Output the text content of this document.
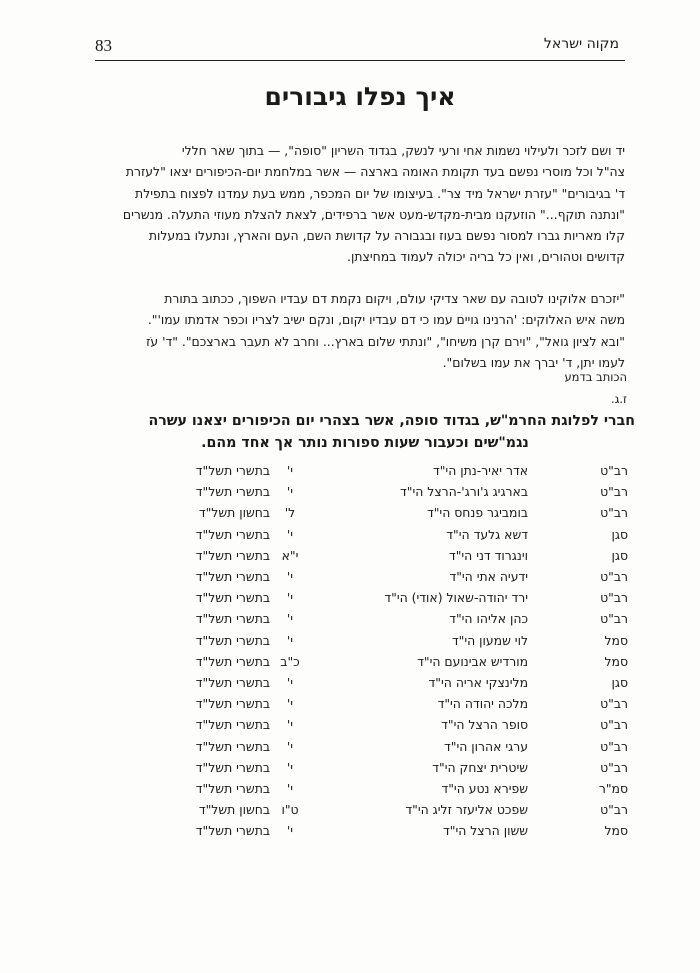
83	מקוה ישראל
איך נפלו גיבורים
יד ושם לזכר ולעילוי נשמות אחי ורעי לנשק, בגדוד השריון "סופה", — בתוך שאר חללי
צה"ל וכל מוסרי נפשם בעד תקומת האומה בארצה — אשר במלחמת יום-הכיפורים יצאו "לעזרת
ד' בגיבורים" "עזרת ישראל מיד צר". בעיצומו של יום המכפר, ממש בעת עמדנו לפצוח בתפילת
"ונתנה תוקף..." הוזעקנו מבית-מקדש-מעט אשר ברפידים, לצאת להצלת מעוזי התעלה. מנשרים
קלו מאריות גברו למסור נפשם בעוז ובגבורה על קדושת השם, העם והארץ, ונתעלו במעלות
קדושים וטהורים, ואין כל בריה יכולה לעמוד במחיצתן.
"יזכרם אלוקינו לטובה עם שאר צדיקי עולם, ויקום נקמת דם עבדיו השפוך, ככתוב בתורת
משה איש האלוקים: 'הרנינו גויים עמו כי דם עבדיו יקום, ונקם ישיב לצריו וכפר אדמתו עמו'".
"ובא לציון גואל", "וירם קרן משיחו", "ונתתי שלום בארץ... וחרב לא תעבר בארצכם". "ד' עֹז
לעמו יתן, ד' יברך את עמו בשלום".
הכותב בדמע
ז.ג.
חברי לפלוגת החרמ"ש, בגדוד סופה, אשר בצהרי יום הכיפורים יצאנו עשרה
נגמ"שים וכעבור שעות ספורות נותר אך אחד מהם.
רב"ט
אדר יאיר-נתן הי"ד
י'
בתשרי תשל"ד
רב"ט
בארגיג ג'ורג'-הרצל הי"ד
י'
בתשרי תשל"ד
רב"ט
בומביגר פנחס הי"ד
ל'
בחשון תשל"ד
סגן
דשא גלעד הי"ד
י'
בתשרי תשל"ד
סגן
וינגרוד דני הי"ד
י"א
בתשרי תשל"ד
רב"ט
ידעיה אתי הי"ד
י'
בתשרי תשל"ד
רב"ט
ירד יהודה-שאול (אודי) הי"ד
י'
בתשרי תשל"ד
רב"ט
כהן אליהו הי"ד
י'
בתשרי תשל"ד
סמל
לוי שמעון הי"ד
י'
בתשרי תשל"ד
סמל
מורדיש אבינועם הי"ד
כ"ב
בתשרי תשל"ד
סגן
מלינצקי אריה הי"ד
י'
בתשרי תשל"ד
רב"ט
מלכה יהודה הי"ד
י'
בתשרי תשל"ד
רב"ט
סופר הרצל הי"ד
י'
בתשרי תשל"ד
רב"ט
ערגי אהרון הי"ד
י'
בתשרי תשל"ד
רב"ט
שיטרית יצחק הי"ד
י'
בתשרי תשל"ד
סמ"ר
שפירא נטע הי"ד
י'
בתשרי תשל"ד
רב"ט
שפכט אליעזר זליג הי"ד
ט"ו
בחשון תשל"ד
סמל
ששון הרצל הי"ד
י'
בתשרי תשל"ד
